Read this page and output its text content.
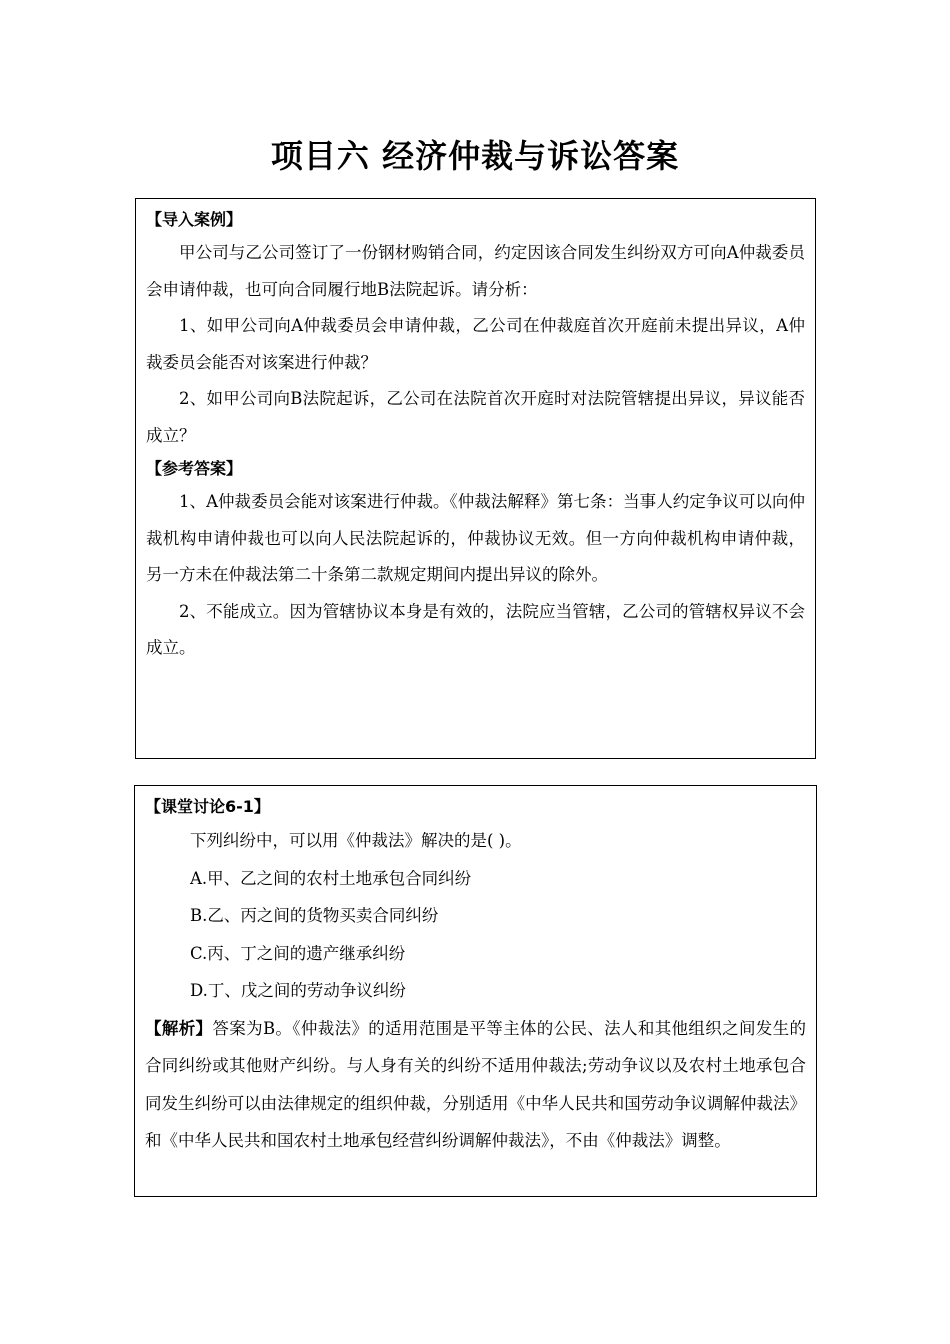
项目六 经济仲裁与诉讼答案
【导入案例】

甲公司与乙公司签订了一份钢材购销合同，约定因该合同发生纠纷双方可向A仲裁委员会申请仲裁，也可向合同履行地B法院起诉。请分析：

1、如甲公司向A仲裁委员会申请仲裁，乙公司在仲裁庭首次开庭前未提出异议，A仲裁委员会能否对该案进行仲裁？

2、如甲公司向B法院起诉，乙公司在法院首次开庭时对法院管辖提出异议，异议能否成立？

【参考答案】

1、A仲裁委员会能对该案进行仲裁。《仲裁法解释》第七条：当事人约定争议可以向仲裁机构申请仲裁也可以向人民法院起诉的，仲裁协议无效。但一方向仲裁机构申请仲裁，另一方未在仲裁法第二十条第二款规定期间内提出异议的除外。

2、不能成立。因为管辖协议本身是有效的，法院应当管辖，乙公司的管辖权异议不会成立。

【课堂讨论6-1】

下列纠纷中，可以用《仲裁法》解决的是( )。

A.甲、乙之间的农村土地承包合同纠纷

B.乙、丙之间的货物买卖合同纠纷

C.丙、丁之间的遗产继承纠纷

D.丁、戊之间的劳动争议纠纷

【解析】答案为B。《仲裁法》的适用范围是平等主体的公民、法人和其他组织之间发生的合同纠纷或其他财产纠纷。与人身有关的纠纷不适用仲裁法;劳动争议以及农村土地承包合同发生纠纷可以由法律规定的组织仲裁，分别适用《中华人民共和国劳动争议调解仲裁法》和《中华人民共和国农村土地承包经营纠纷调解仲裁法》，不由《仲裁法》调整。
